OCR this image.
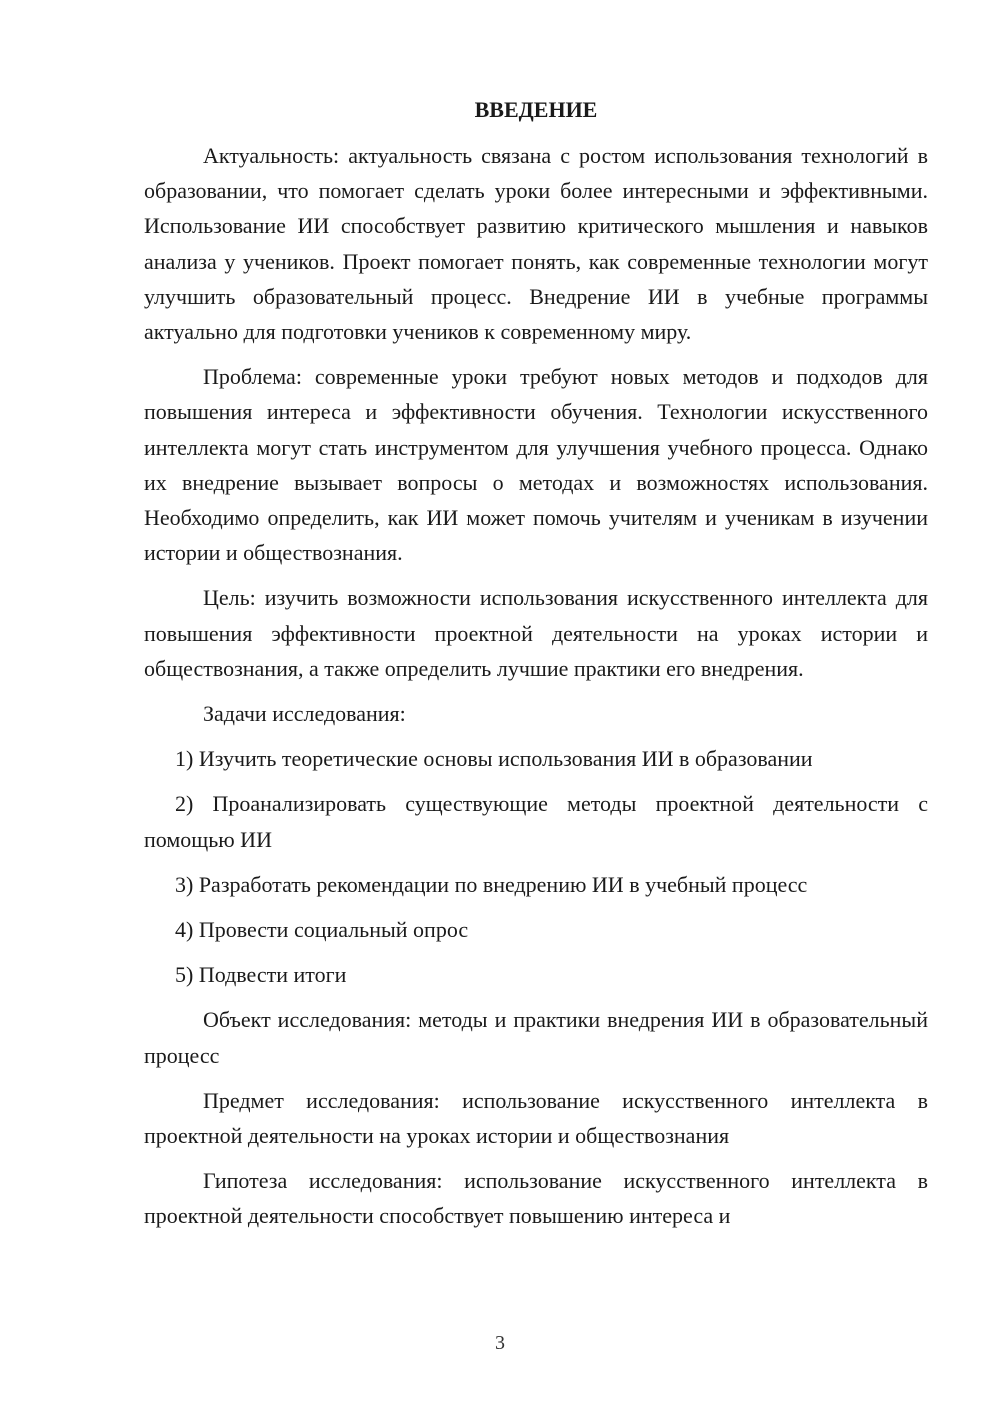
ВВЕДЕНИЕ

Актуальность: актуальность связана с ростом использования технологий в образовании, что помогает сделать уроки более интересными и эффективными. Использование ИИ способствует развитию критического мышления и навыков анализа у учеников. Проект помогает понять, как современные технологии могут улучшить образовательный процесс. Внедрение ИИ в учебные программы актуально для подготовки учеников к современному миру.

Проблема: современные уроки требуют новых методов и подходов для повышения интереса и эффективности обучения. Технологии искусственного интеллекта могут стать инструментом для улучшения учебного процесса. Однако их внедрение вызывает вопросы о методах и возможностях использования. Необходимо определить, как ИИ может помочь учителям и ученикам в изучении истории и обществознания.

Цель: изучить возможности использования искусственного интеллекта для повышения эффективности проектной деятельности на уроках истории и обществознания, а также определить лучшие практики его внедрения.

Задачи исследования:

1) Изучить теоретические основы использования ИИ в образовании
2) Проанализировать существующие методы проектной деятельности с помощью ИИ
3) Разработать рекомендации по внедрению ИИ в учебный процесс
4) Провести социальный опрос
5) Подвести итоги

Объект исследования: методы и практики внедрения ИИ в образовательный процесс

Предмет исследования: использование искусственного интеллекта в проектной деятельности на уроках истории и обществознания

Гипотеза исследования: использование искусственного интеллекта в проектной деятельности способствует повышению интереса и

3
